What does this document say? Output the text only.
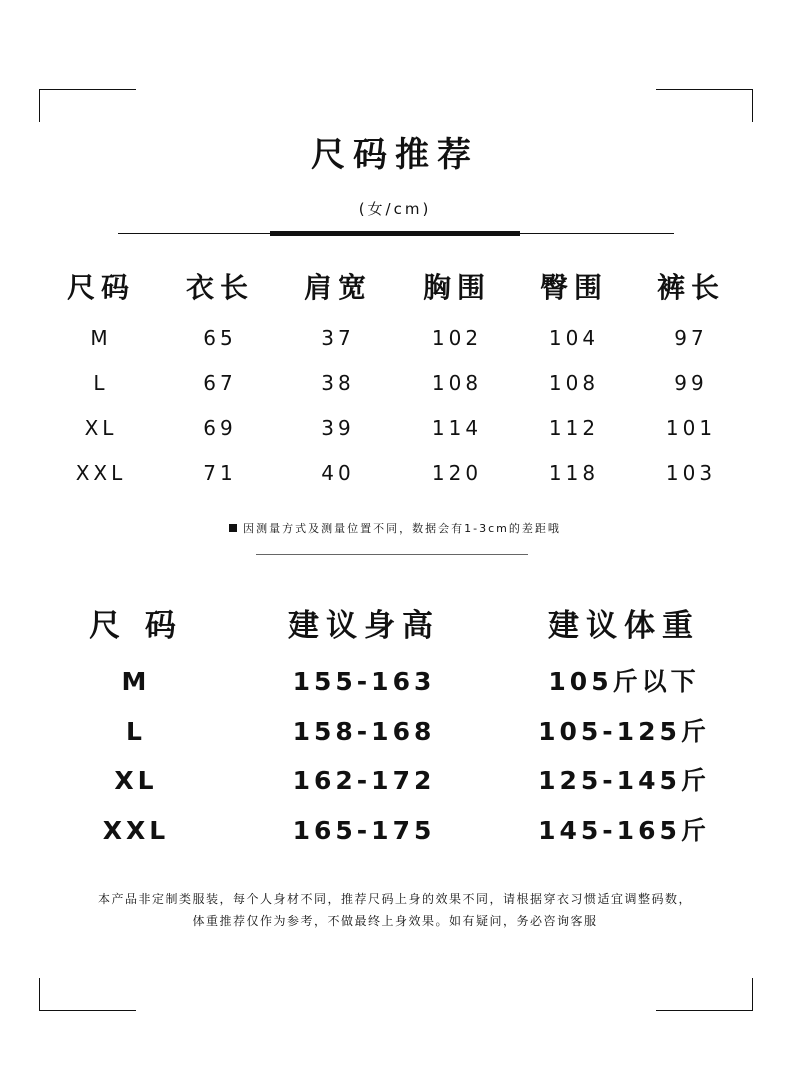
尺码推荐
(女/cm)
尺码	衣长	肩宽	胸围	臀围	裤长
M	65	37	102	104	97
L	67	38	108	108	99
XL	69	39	114	112	101
XXL	71	40	120	118	103
因测量方式及测量位置不同，数据会有1-3cm的差距哦
尺 码	建议身高	建议体重
M	155-163	105斤以下
L	158-168	105-125斤
XL	162-172	125-145斤
XXL	165-175	145-165斤
本产品非定制类服装，每个人身材不同，推荐尺码上身的效果不同，请根据穿衣习惯适宜调整码数，
体重推荐仅作为参考，不做最终上身效果。如有疑问，务必咨询客服
